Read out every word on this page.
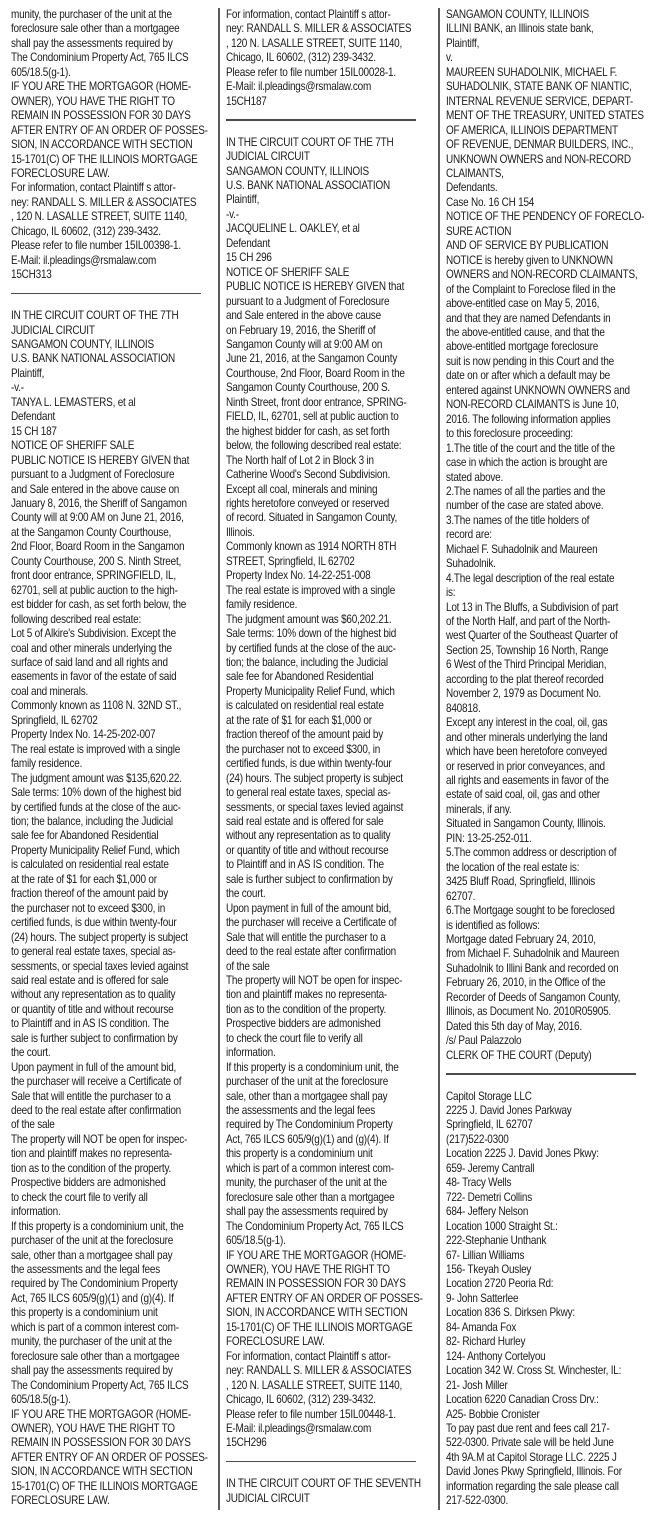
munity, the purchaser of the unit at the
foreclosure sale other than a mortgagee
shall pay the assessments required by
The Condominium Property Act, 765 ILCS
605/18.5(g-1).
IF YOU ARE THE MORTGAGOR (HOME-
OWNER), YOU HAVE THE RIGHT TO
REMAIN IN POSSESSION FOR 30 DAYS
AFTER ENTRY OF AN ORDER OF POSSES-
SION, IN ACCORDANCE WITH SECTION
15-1701(C) OF THE ILLINOIS MORTGAGE
FORECLOSURE LAW.
For information, contact Plaintiff s attor-
ney: RANDALL S. MILLER & ASSOCIATES
, 120 N. LASALLE STREET, SUITE 1140,
Chicago, IL 60602, (312) 239-3432.
Please refer to file number 15IL00398-1.
E-Mail: il.pleadings@rsmalaw.com
15CH313
IN THE CIRCUIT COURT OF THE 7TH
JUDICIAL CIRCUIT
SANGAMON COUNTY, ILLINOIS
U.S. BANK NATIONAL ASSOCIATION
Plaintiff,
-v.-
TANYA L. LEMASTERS, et al
Defendant
15 CH 187
NOTICE OF SHERIFF SALE
PUBLIC NOTICE IS HEREBY GIVEN that
pursuant to a Judgment of Foreclosure
and Sale entered in the above cause on
January 8, 2016, the Sheriff of Sangamon
County will at 9:00 AM on June 21, 2016,
at the Sangamon County Courthouse,
2nd Floor, Board Room in the Sangamon
County Courthouse, 200 S. Ninth Street,
front door entrance, SPRINGFIELD, IL,
62701, sell at public auction to the high-
est bidder for cash, as set forth below, the
following described real estate:
Lot 5 of Alkire's Subdivision. Except the
coal and other minerals underlying the
surface of said land and all rights and
easements in favor of the estate of said
coal and minerals.
Commonly known as 1108 N. 32ND ST.,
Springfield, IL 62702
Property Index No. 14-25-202-007
The real estate is improved with a single
family residence.
The judgment amount was $135,620.22.
Sale terms: 10% down of the highest bid
by certified funds at the close of the auc-
tion; the balance, including the Judicial
sale fee for Abandoned Residential
Property Municipality Relief Fund, which
is calculated on residential real estate
at the rate of $1 for each $1,000 or
fraction thereof of the amount paid by
the purchaser not to exceed $300, in
certified funds, is due within twenty-four
(24) hours. The subject property is subject
to general real estate taxes, special as-
sessments, or special taxes levied against
said real estate and is offered for sale
without any representation as to quality
or quantity of title and without recourse
to Plaintiff and in AS IS condition. The
sale is further subject to confirmation by
the court.
Upon payment in full of the amount bid,
the purchaser will receive a Certificate of
Sale that will entitle the purchaser to a
deed to the real estate after confirmation
of the sale
The property will NOT be open for inspec-
tion and plaintiff makes no representa-
tion as to the condition of the property.
Prospective bidders are admonished
to check the court file to verify all
information.
If this property is a condominium unit, the
purchaser of the unit at the foreclosure
sale, other than a mortgagee shall pay
the assessments and the legal fees
required by The Condominium Property
Act, 765 ILCS 605/9(g)(1) and (g)(4). If
this property is a condominium unit
which is part of a common interest com-
munity, the purchaser of the unit at the
foreclosure sale other than a mortgagee
shall pay the assessments required by
The Condominium Property Act, 765 ILCS
605/18.5(g-1).
IF YOU ARE THE MORTGAGOR (HOME-
OWNER), YOU HAVE THE RIGHT TO
REMAIN IN POSSESSION FOR 30 DAYS
AFTER ENTRY OF AN ORDER OF POSSES-
SION, IN ACCORDANCE WITH SECTION
15-1701(C) OF THE ILLINOIS MORTGAGE
FORECLOSURE LAW.
For information, contact Plaintiff s attor-
ney: RANDALL S. MILLER & ASSOCIATES
, 120 N. LASALLE STREET, SUITE 1140,
Chicago, IL 60602, (312) 239-3432.
Please refer to file number 15IL00028-1.
E-Mail: il.pleadings@rsmalaw.com
15CH187
IN THE CIRCUIT COURT OF THE 7TH
JUDICIAL CIRCUIT
SANGAMON COUNTY, ILLINOIS
U.S. BANK NATIONAL ASSOCIATION
Plaintiff,
-v.-
JACQUELINE L. OAKLEY, et al
Defendant
15 CH 296
NOTICE OF SHERIFF SALE
PUBLIC NOTICE IS HEREBY GIVEN that
pursuant to a Judgment of Foreclosure
and Sale entered in the above cause
on February 19, 2016, the Sheriff of
Sangamon County will at 9:00 AM on
June 21, 2016, at the Sangamon County
Courthouse, 2nd Floor, Board Room in the
Sangamon County Courthouse, 200 S.
Ninth Street, front door entrance, SPRING-
FIELD, IL, 62701, sell at public auction to
the highest bidder for cash, as set forth
below, the following described real estate:
The North half of Lot 2 in Block 3 in
Catherine Wood's Second Subdivision.
Except all coal, minerals and mining
rights heretofore conveyed or reserved
of record. Situated in Sangamon County,
Illinois.
Commonly known as 1914 NORTH 8TH
STREET, Springfield, IL 62702
Property Index No. 14-22-251-008
The real estate is improved with a single
family residence.
The judgment amount was $60,202.21.
Sale terms: 10% down of the highest bid
by certified funds at the close of the auc-
tion; the balance, including the Judicial
sale fee for Abandoned Residential
Property Municipality Relief Fund, which
is calculated on residential real estate
at the rate of $1 for each $1,000 or
fraction thereof of the amount paid by
the purchaser not to exceed $300, in
certified funds, is due within twenty-four
(24) hours. The subject property is subject
to general real estate taxes, special as-
sessments, or special taxes levied against
said real estate and is offered for sale
without any representation as to quality
or quantity of title and without recourse
to Plaintiff and in AS IS condition. The
sale is further subject to confirmation by
the court.
Upon payment in full of the amount bid,
the purchaser will receive a Certificate of
Sale that will entitle the purchaser to a
deed to the real estate after confirmation
of the sale
The property will NOT be open for inspec-
tion and plaintiff makes no representa-
tion as to the condition of the property.
Prospective bidders are admonished
to check the court file to verify all
information.
If this property is a condominium unit, the
purchaser of the unit at the foreclosure
sale, other than a mortgagee shall pay
the assessments and the legal fees
required by The Condominium Property
Act, 765 ILCS 605/9(g)(1) and (g)(4). If
this property is a condominium unit
which is part of a common interest com-
munity, the purchaser of the unit at the
foreclosure sale other than a mortgagee
shall pay the assessments required by
The Condominium Property Act, 765 ILCS
605/18.5(g-1).
IF YOU ARE THE MORTGAGOR (HOME-
OWNER), YOU HAVE THE RIGHT TO
REMAIN IN POSSESSION FOR 30 DAYS
AFTER ENTRY OF AN ORDER OF POSSES-
SION, IN ACCORDANCE WITH SECTION
15-1701(C) OF THE ILLINOIS MORTGAGE
FORECLOSURE LAW.
For information, contact Plaintiff s attor-
ney: RANDALL S. MILLER & ASSOCIATES
, 120 N. LASALLE STREET, SUITE 1140,
Chicago, IL 60602, (312) 239-3432.
Please refer to file number 15IL00448-1.
E-Mail: il.pleadings@rsmalaw.com
15CH296
IN THE CIRCUIT COURT OF THE SEVENTH
JUDICIAL CIRCUIT
SANGAMON COUNTY, ILLINOIS
ILLINI BANK, an Illinois state bank,
Plaintiff,
v.
MAUREEN SUHADOLNIK, MICHAEL F.
SUHADOLNIK, STATE BANK OF NIANTIC,
INTERNAL REVENUE SERVICE, DEPART-
MENT OF THE TREASURY, UNITED STATES
OF AMERICA, ILLINOIS DEPARTMENT
OF REVENUE, DENMAR BUILDERS, INC.,
UNKNOWN OWNERS and NON-RECORD
CLAIMANTS,
Defendants.
Case No. 16 CH 154
NOTICE OF THE PENDENCY OF FORECLO-
SURE ACTION
AND OF SERVICE BY PUBLICATION
NOTICE is hereby given to UNKNOWN
OWNERS and NON-RECORD CLAIMANTS,
of the Complaint to Foreclose filed in the
above-entitled case on May 5, 2016,
and that they are named Defendants in
the above-entitled cause, and that the
above-entitled mortgage foreclosure
suit is now pending in this Court and the
date on or after which a default may be
entered against UNKNOWN OWNERS and
NON-RECORD CLAIMANTS is June 10,
2016. The following information applies
to this foreclosure proceeding:
1.The title of the court and the title of the
case in which the action is brought are
stated above.
2.The names of all the parties and the
number of the case are stated above.
3.The names of the title holders of
record are:
Michael F. Suhadolnik and Maureen
Suhadolnik.
4.The legal description of the real estate
is:
Lot 13 in The Bluffs, a Subdivision of part
of the North Half, and part of the North-
west Quarter of the Southeast Quarter of
Section 25, Township 16 North, Range
6 West of the Third Principal Meridian,
according to the plat thereof recorded
November 2, 1979 as Document No.
840818.
Except any interest in the coal, oil, gas
and other minerals underlying the land
which have been heretofore conveyed
or reserved in prior conveyances, and
all rights and easements in favor of the
estate of said coal, oil, gas and other
minerals, if any.
Situated in Sangamon County, Illinois.
PIN: 13-25-252-011.
5.The common address or description of
the location of the real estate is:
3425 Bluff Road, Springfield, Illinois
62707.
6.The Mortgage sought to be foreclosed
is identified as follows:
Mortgage dated February 24, 2010,
from Michael F. Suhadolnik and Maureen
Suhadolnik to Illini Bank and recorded on
February 26, 2010, in the Office of the
Recorder of Deeds of Sangamon County,
Illinois, as Document No. 2010R05905.
Dated this 5th day of May, 2016.
/s/ Paul Palazzolo
CLERK OF THE COURT (Deputy)
Capitol Storage LLC
2225 J. David Jones Parkway
Springfield, IL 62707
(217)522-0300
Location 2225 J. David Jones Pkwy:
659- Jeremy Cantrall
48- Tracy Wells
722- Demetri Collins
684- Jeffery Nelson
Location 1000 Straight St.:
222-Stephanie Unthank
67- Lillian Williams
156- Tkeyah Ousley
Location 2720 Peoria Rd:
9- John Satterlee
Location 836 S. Dirksen Pkwy:
84- Amanda Fox
82- Richard Hurley
124- Anthony Cortelyou
Location 342 W. Cross St. Winchester, IL:
21- Josh Miller
Location 6220 Canadian Cross Drv.:
A25- Bobbie Cronister
To pay past due rent and fees call 217-
522-0300. Private sale will be held June
4th 9A.M at Capitol Storage LLC. 2225 J
David Jones Pkwy Springfield, Illinois. For
information regarding the sale please call
217-522-0300.
